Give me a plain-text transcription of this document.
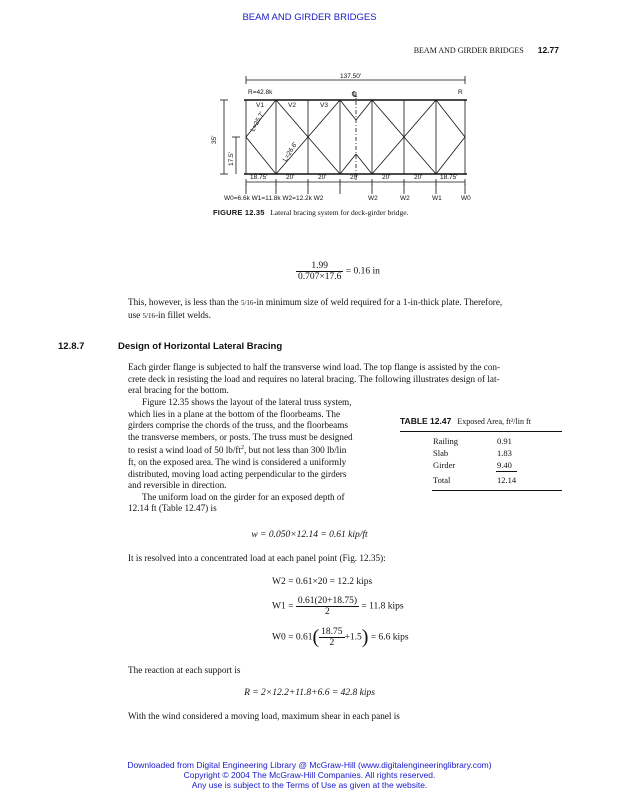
BEAM AND GIRDER BRIDGES
BEAM AND GIRDER BRIDGES 12.77
137.50'
R=42.8k	R
℄
V1	V2	V3
L=25.7'
L=26.6'
35'
17.5'
18.75'	20'	20'	20'	20'	20'	18.75'
W0=6.6k W1=11.8k W2=12.2k W2	W2	W2	W1	W0
FIGURE 12.35 Lateral bracing system for deck-girder bridge.
$\frac{1.99}{0.707\times 17.6} = 0.16$ in
This, however, is less than the 5/16-in minimum size of weld required for a 1-in-thick plate. Therefore,
use 5/16-in fillet welds.
12.8.7	Design of Horizontal Lateral Bracing
Each girder flange is subjected to half the transverse wind load. The top flange is assisted by the con-
crete deck in resisting the load and requires no lateral bracing. The following illustrates design of lat-
eral bracing for the bottom.
Figure 12.35 shows the layout of the lateral truss system,
which lies in a plane at the bottom of the floorbeams. The
girders comprise the chords of the truss, and the floorbeams
the transverse members, or posts. The truss must be designed
to resist a wind load of 50 $lb/ft^2$, but not less than 300 lb/lin
ft, on the exposed area. The wind is considered a uniformly
distributed, moving load acting perpendicular to the girders
and reversible in direction.
The uniform load on the girder for an exposed depth of
12.14 ft (Table 12.47) is
TABLE 12.47 Exposed Area, ft²/lin ft
Railing	0.91
Slab	1.83
Girder	9.40
Total	12.14
w = 0.050×12.14 = 0.61 kip/ft
It is resolved into a concentrated load at each panel point (Fig. 12.35):
W2 = 0.61×20 = 12.2 kips
$W1 = \frac{0.61(20+18.75)}{2} = 11.8$ kips
$W0 = 0.61( \frac{18.75}{2} +1.5) = 6.6$ kips
The reaction at each support is
R = 2×12.2+11.8+6.6 = 42.8 kips
With the wind considered a moving load, maximum shear in each panel is
Downloaded from Digital Engineering Library @ McGraw-Hill (www.digitalengineeringlibrary.com)
Copyright © 2004 The McGraw-Hill Companies. All rights reserved.
Any use is subject to the Terms of Use as given at the website.
